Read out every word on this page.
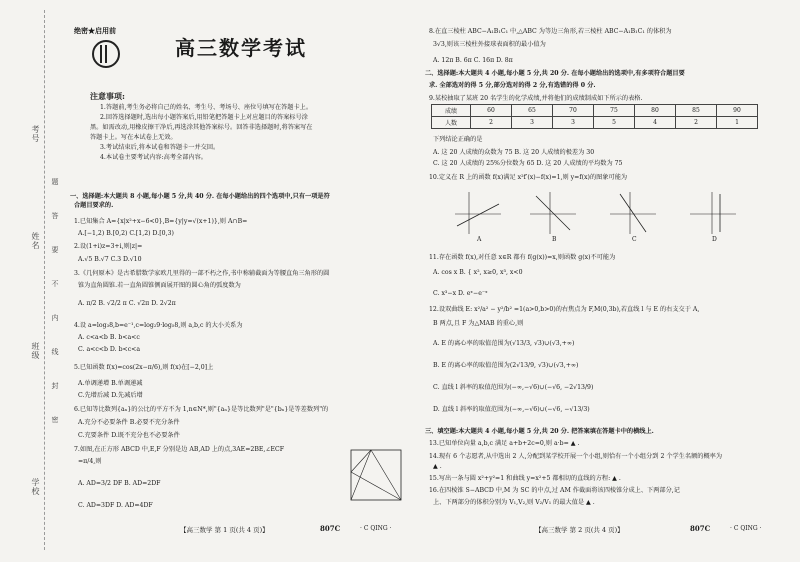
考号
姓名
班级
学校
题
答
要
不
内
线
封
密
绝密★启用前
高三数学考试
注意事项:
1.答题前,考生务必将自己的姓名、考生号、考场号、座位号填写在答题卡上。
2.回答选择题时,选出每小题答案后,用铅笔把答题卡上对应题目的答案标号涂
黑。如需改动,用橡皮擦干净后,再选涂其他答案标号。回答非选择题时,将答案写在
答题卡上。写在本试卷上无效。
3.考试结束后,将本试卷和答题卡一并交回。
4.本试卷主要考试内容:高考全部内容。
一、选择题:本大题共 8 小题,每小题 5 分,共 40 分. 在每小题给出的四个选项中,只有一项是符
合题目要求的.
1.已知集合 A={x|x²+x−6<0},B={y|y=√(x+1)},则 A∩B=
A.[−1,2) B.[0,2) C.[1,2) D.[0,3)
2.设(1+i)z=3+i,则|z|=
A.√5 B.√7 C.3 D.√10
3.《几何原本》是古希腊数学家欧几里得的一部不朽之作,书中称辅截面为等腰直角三角形的圆
锥为直角圆锥.若一直角圆锥侧面展开图的圆心角的弧度数为
A. π/2 B. √2/2 π C. √2π D. 2√2π
4.设 a=log₃8,b=e⁻¹,c=log₂9·log₅8,则 a,b,c 的大小关系为
A. c<a<b B. b<a<c
C. a<c<b D. b<c<a
5.已知函数 f(x)=cos(2x−π/6),则 f(x)在[−2,0]上
A.单调递增 B.单调递减
C.先增后减 D.先减后增
6.已知等比数列{aₙ}的公比的平方不为 1,n∈N*,则"{aₙ}是等比数列"是"{bₙ}是等差数列"的
A.充分不必要条件 B.必要不充分条件
C.充要条件 D.既不充分也不必要条件
7.如图,在正方形 ABCD 中,E,F 分别是边 AB,AD 上的点,3AE=2BE,∠ECF
=π/4,则
A. AD=3/2 DF B. AD=2DF
C. AD=3DF D. AD=4DF
【高三数学 第 1 页(共 4 页)】	807C	· C QING ·
8.在直三棱柱 ABC−A₁B₁C₁ 中,△ABC 为等边三角形,若三棱柱 ABC−A₁B₁C₁ 的体积为
3√3,则该三棱柱外接球表面积的最小值为
A. 12π B. 6π C. 16π D. 8π
二、选择题:本大题共 4 小题,每小题 5 分,共 20 分. 在每小题给出的选项中,有多项符合题目要
求. 全部选对的得 5 分,部分选对的得 2 分,有选错的得 0 分.
9.某校抽取了某班 20 名学生的化学成绩,并将他们的成绩制成如下所示的表格.
成绩	60	65	70	75	80	85	90
人数	2	3	3	5	4	2	1
下列结论正确的是
A. 这 20 人成绩的众数为 75 B. 这 20 人成绩的极差为 30
C. 这 20 人成绩的 25%分位数为 65 D. 这 20 人成绩的平均数为 75
10.定义在 R 上的函数 f(x)满足 x²f′(x)−f(x)=1,则 y=f(x)的图象可能为
A	B	C	D
11.存在函数 f(x),对任意 x∈R 都有 f(g(x))=x,则函数 g(x)不可能为
A. cos x B. { x², x≥0, x³, x<0
C. x³−x D. eˣ−e⁻ˣ
12.设双曲线 E: x²/a² − y²/b² =1(a>0,b>0)的右焦点为 F,M(0,3b),若直线 l 与 E 的右支交于 A,
B 两点,且 F 为△MAB 的重心,则
A. E 的离心率的取值范围为(√13/3, √3)∪(√3,+∞)
B. E 的离心率的取值范围为(2√13/9, √3)∪(√3,+∞)
C. 直线 l 斜率的取值范围为(−∞,−√6)∪(−√6, −2√13/9)
D. 直线 l 斜率的取值范围为(−∞,−√6)∪(−√6, −√13/3)
三、填空题:本大题共 4 小题,每小题 5 分,共 20 分. 把答案填在答题卡中的横线上.
13.已知单位向量 a,b,c 满足 a+b+2c=0,则 a·b= ▲ .
14.现有 6 个志愿者,从中选出 2 人,分配到某学校开展一个小组,则恰有一个小组分到 2 个学生名额的概率为
▲ .
15.写出一条与圆 x²+y²=1 和曲线 y=x²+5 都相切的直线的方程: ▲ .
16.在四棱锥 S−ABCD 中,M 为 SC 的中点,过 AM 作截面将该四棱锥分成上、下两部分,记
上、下两部分的体积分别为 V₁,V₂,则 V₂/V₁ 的最大值是 ▲ .
【高三数学 第 2 页(共 4 页)】	807C	· C QING ·
